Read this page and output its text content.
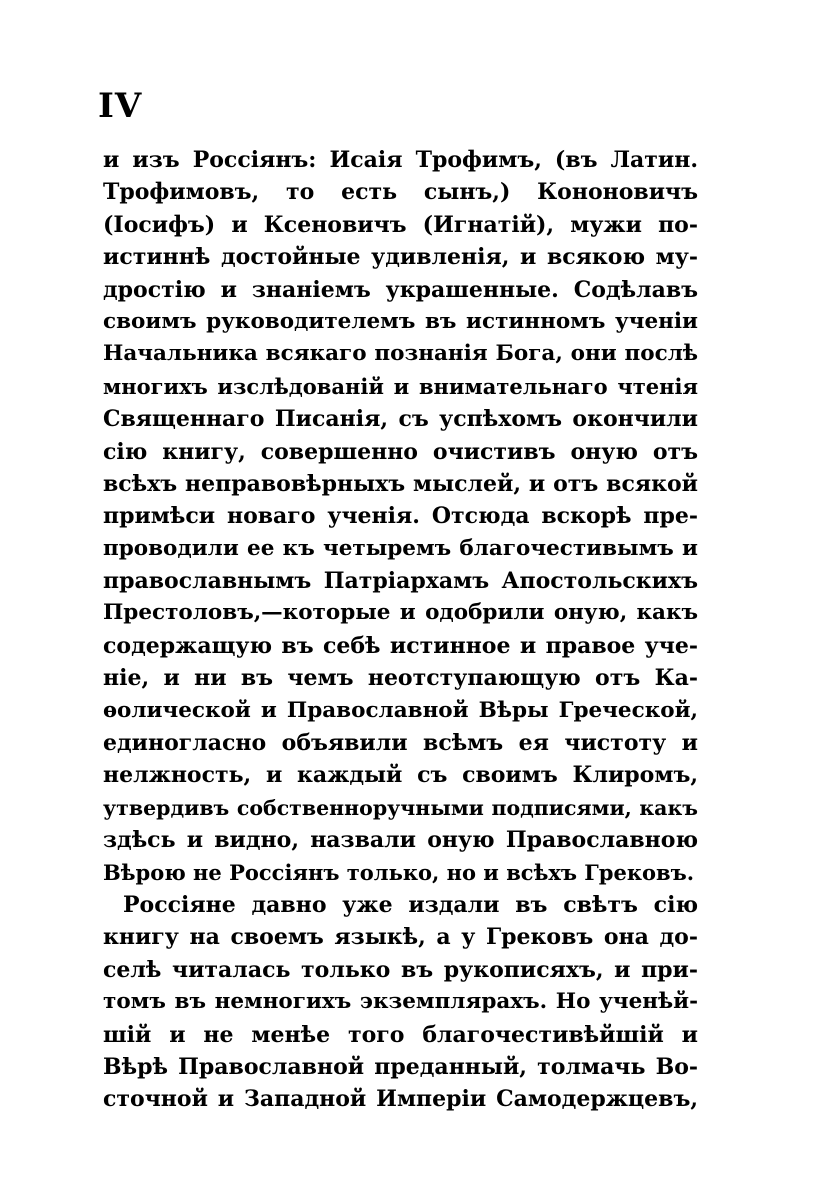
IV
и изъ Россіянъ: Исаія Трофимъ, (въ Латин.
Трофимовъ, то есть сынъ,) Кононовичъ
(Іосифъ) и Ксеновичъ (Игнатій), мужи по-
истиннѣ достойные удивленія, и всякою му-
дростію и знаніемъ украшенные. Содѣлавъ
своимъ руководителемъ въ истинномъ ученіи
Начальника всякаго познанія Бога, они послѣ
многихъ изслѣдованій и внимательнаго чтенія
Священнаго Писанія, съ успѣхомъ окончили
сію книгу, совершенно очистивъ оную отъ
всѣхъ неправовѣрныхъ мыслей, и отъ всякой
примѣси новаго ученія. Отсюда вскорѣ пре-
проводили ее къ четыремъ благочестивымъ и
православнымъ Патріархамъ Апостольскихъ
Престоловъ,—которые и одобрили оную, какъ
содержащую въ себѣ истинное и правое уче-
ніе, и ни въ чемъ неотступающую отъ Ка-
ѳолической и Православной Вѣры Греческой,
единогласно объявили всѣмъ ея чистоту и
нелжность, и каждый съ своимъ Клиромъ,
утвердивъ собственноручными подписями, какъ
здѣсь и видно, назвали оную Православною
Вѣрою не Россіянъ только, но и всѣхъ Грековъ.
Россіяне давно уже издали въ свѣтъ сію
книгу на своемъ языкѣ, а у Грековъ она до-
селѣ читалась только въ рукописяхъ, и при-
томъ въ немногихъ экземплярахъ. Но ученѣй-
шій и не менѣе того благочестивѣйшій и
Вѣрѣ Православной преданный, толмачь Во-
сточной и Западной Имперіи Самодержцевъ,
